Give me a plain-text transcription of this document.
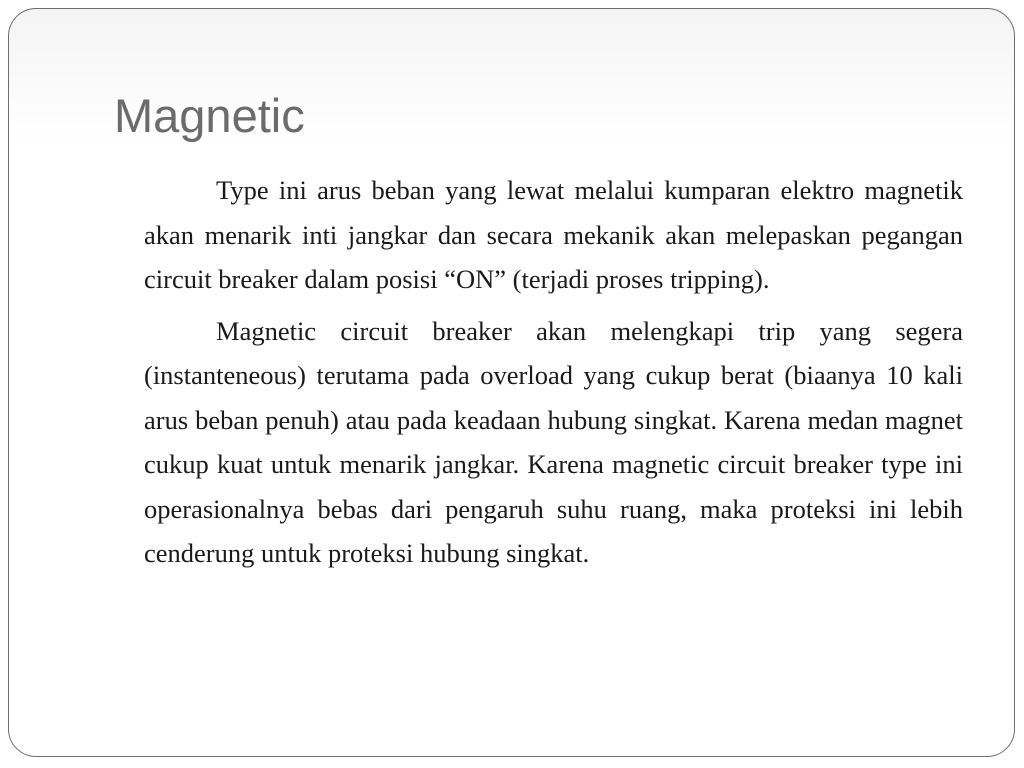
Magnetic

Type ini arus beban yang lewat melalui kumparan elektro magnetik akan menarik inti jangkar dan secara mekanik akan melepaskan pegangan circuit breaker dalam posisi “ON” (terjadi proses tripping).

Magnetic circuit breaker akan melengkapi trip yang segera (instanteneous) terutama pada overload yang cukup berat (biaanya 10 kali arus beban penuh) atau pada keadaan hubung singkat. Karena medan magnet cukup kuat untuk menarik jangkar. Karena magnetic circuit breaker type ini operasionalnya bebas dari pengaruh suhu ruang, maka proteksi ini lebih cenderung untuk proteksi hubung singkat.
